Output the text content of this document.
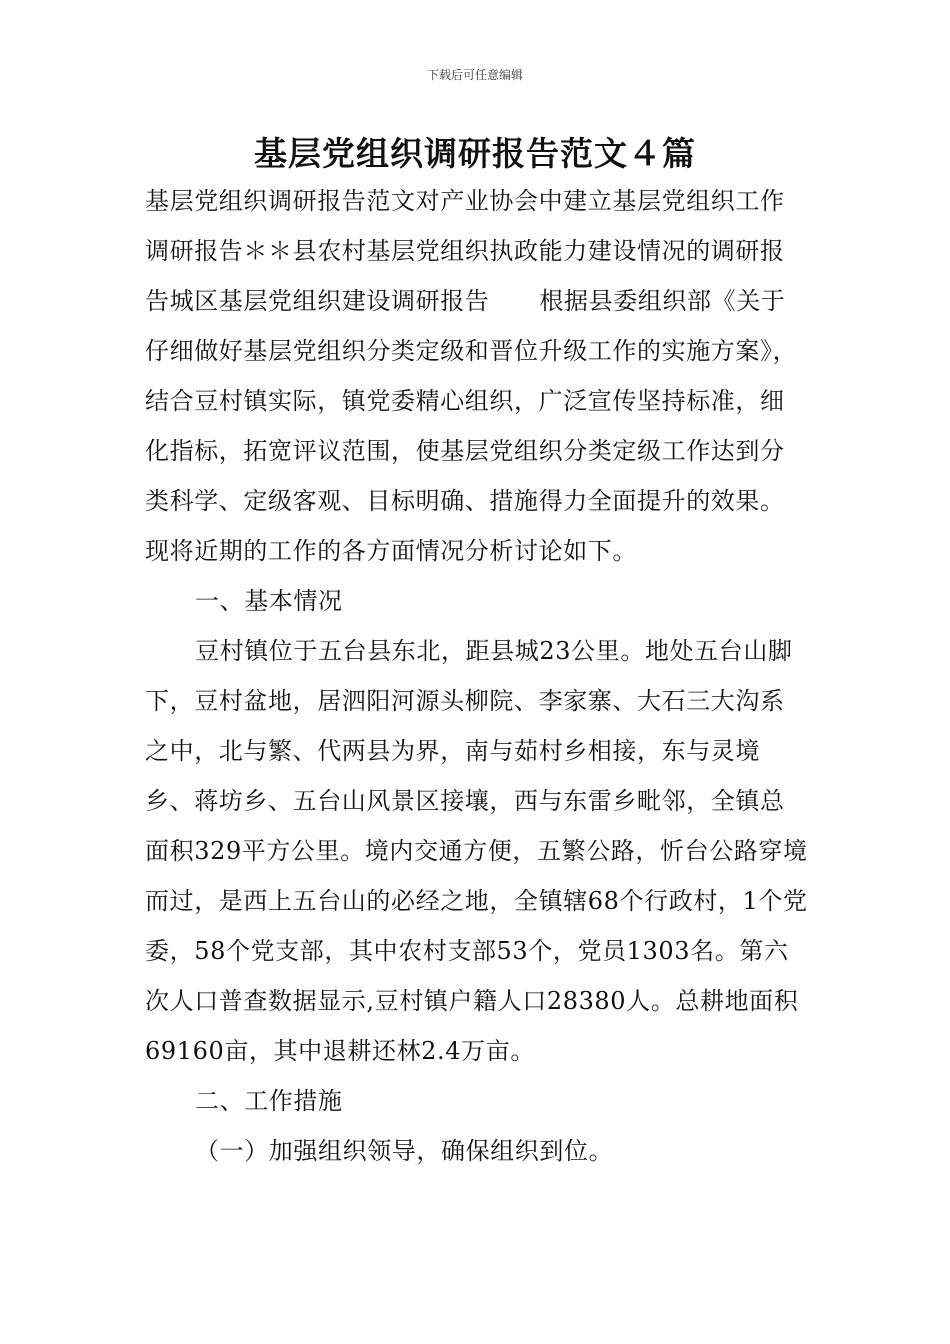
下载后可任意编辑
基层党组织调研报告范文４篇

基层党组织调研报告范文对产业协会中建立基层党组织工作调研报告＊＊县农村基层党组织执政能力建设情况的调研报告城区基层党组织建设调研报告 根据县委组织部《关于仔细做好基层党组织分类定级和晋位升级工作的实施方案》，结合豆村镇实际，镇党委精心组织，广泛宣传坚持标准，细化指标，拓宽评议范围，使基层党组织分类定级工作达到分类科学、定级客观、目标明确、措施得力全面提升的效果。现将近期的工作的各方面情况分析讨论如下。

一、基本情况

豆村镇位于五台县东北，距县城23公里。地处五台山脚下，豆村盆地，居泗阳河源头柳院、李家寨、大石三大沟系之中，北与繁、代两县为界，南与茹村乡相接，东与灵境乡、蒋坊乡、五台山风景区接壤，西与东雷乡毗邻，全镇总面积329平方公里。境内交通方便，五繁公路，忻台公路穿境而过，是西上五台山的必经之地，全镇辖68个行政村，1个党委，58个党支部，其中农村支部53个，党员1303名。第六次人口普查数据显示,豆村镇户籍人口28380人。总耕地面积69160亩，其中退耕还林2.4万亩。

二、工作措施

（一）加强组织领导，确保组织到位。
